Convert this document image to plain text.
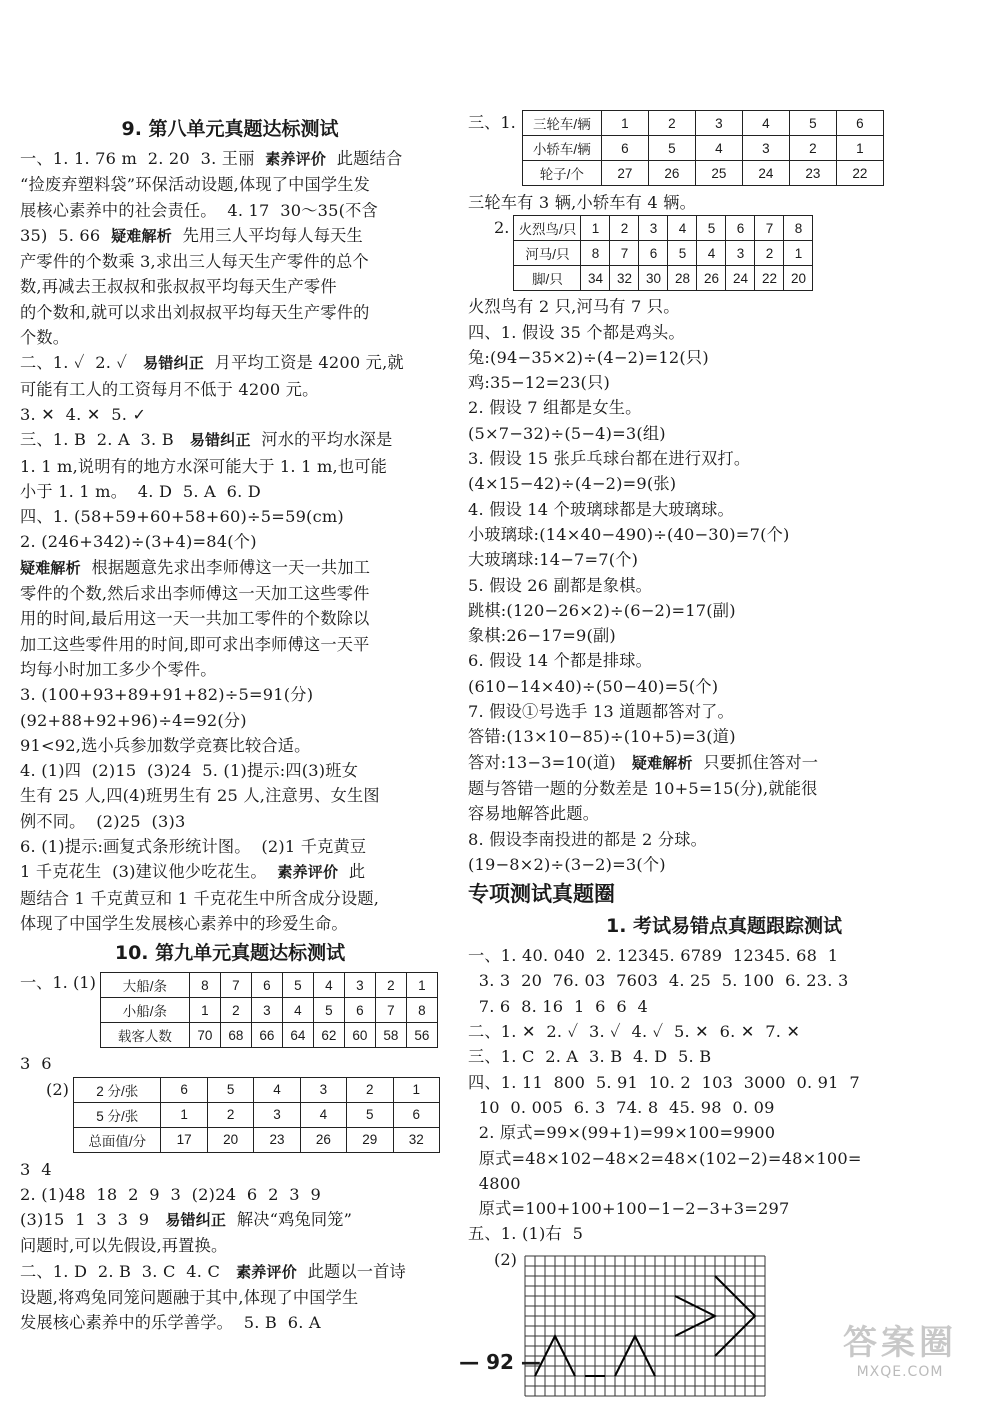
9. 第八单元真题达标测试
一、1. 1. 76 m  2. 20  3. 王丽  素养评价  此题结合
“捡废弃塑料袋”环保活动设题,体现了中国学生发
展核心素养中的社会责任。  4. 17  30～35(不含
35)  5. 66  疑难解析  先用三人平均每人每天生
产零件的个数乘 3,求出三人每天生产零件的总个
数,再减去王叔叔和张叔叔平均每天生产零件
的个数和,就可以求出刘叔叔平均每天生产零件的
个数。
二、1. ✓  2. ✓   易错纠正  月平均工资是 4200 元,就
可能有工人的工资每月不低于 4200 元。
3. ✕  4. ✕  5. ✓
三、1. B  2. A  3. B   易错纠正  河水的平均水深是
1. 1 m,说明有的地方水深可能大于 1. 1 m,也可能
小于 1. 1 m。  4. D  5. A  6. D
四、1. (58+59+60+58+60)÷5=59(cm)
2. (246+342)÷(3+4)=84(个)
疑难解析  根据题意先求出李师傅这一天一共加工
零件的个数,然后求出李师傅这一天加工这些零件
用的时间,最后用这一天一共加工零件的个数除以
加工这些零件用的时间,即可求出李师傅这一天平
均每小时加工多少个零件。
3. (100+93+89+91+82)÷5=91(分)
(92+88+92+96)÷4=92(分)
91<92,选小兵参加数学竞赛比较合适。
4. (1)四  (2)15  (3)24  5. (1)提示:四(3)班女
生有 25 人,四(4)班男生有 25 人,注意男、女生图
例不同。  (2)25  (3)3
6. (1)提示:画复式条形统计图。  (2)1 千克黄豆
1 千克花生  (3)建议他少吃花生。  素养评价  此
题结合 1 千克黄豆和 1 千克花生中所含成分设题,
体现了中国学生发展核心素养中的珍爱生命。
10. 第九单元真题达标测试
一、1. (1) 大船/条	8	7	6	5	4	3	2	1
小船/条	1	2	3	4	5	6	7	8
载客人数	70	68	66	64	62	60	58	56
3  6
(2) 2 分/张	6	5	4	3	2	1
5 分/张	1	2	3	4	5	6
总面值/分	17	20	23	26	29	32
3  4
2. (1)48  18  2  9  3  (2)24  6  2  3  9
(3)15  1  3  3  9   易错纠正  解决“鸡兔同笼”
问题时,可以先假设,再置换。
二、1. D  2. B  3. C  4. C   素养评价  此题以一首诗
设题,将鸡兔同笼问题融于其中,体现了中国学生
发展核心素养中的乐学善学。  5. B  6. A
三、1. 三轮车/辆	1	2	3	4	5	6
小轿车/辆	6	5	4	3	2	1
轮子/个	27	26	25	24	23	22
三轮车有 3 辆,小轿车有 4 辆。
2. 火烈鸟/只	1	2	3	4	5	6	7	8
河马/只	8	7	6	5	4	3	2	1
脚/只	34	32	30	28	26	24	22	20
火烈鸟有 2 只,河马有 7 只。
四、1. 假设 35 个都是鸡头。
兔:(94−35×2)÷(4−2)=12(只)
鸡:35−12=23(只)
2. 假设 7 组都是女生。
(5×7−32)÷(5−4)=3(组)
3. 假设 15 张乒乓球台都在进行双打。
(4×15−42)÷(4−2)=9(张)
4. 假设 14 个玻璃球都是大玻璃球。
小玻璃球:(14×40−490)÷(40−30)=7(个)
大玻璃球:14−7=7(个)
5. 假设 26 副都是象棋。
跳棋:(120−26×2)÷(6−2)=17(副)
象棋:26−17=9(副)
6. 假设 14 个都是排球。
(610−14×40)÷(50−40)=5(个)
7. 假设①号选手 13 道题都答对了。
答错:(13×10−85)÷(10+5)=3(道)
答对:13−3=10(道)   疑难解析  只要抓住答对一
题与答错一题的分数差是 10+5=15(分),就能很
容易地解答此题。
8. 假设李南投进的都是 2 分球。
(19−8×2)÷(3−2)=3(个)
专项测试真题圈
1. 考试易错点真题跟踪测试
一、1. 40. 040  2. 12345. 6789  12345. 68  1
3. 3  20  76. 03  7603  4. 25  5. 100  6. 23. 3
7. 6  8. 16  1  6  6  4
二、1. ✕  2. ✓  3. ✓  4. ✓  5. ✕  6. ✕  7. ✕
三、1. C  2. A  3. B  4. D  5. B
四、1. 11  800  5. 91  10. 2  103  3000  0. 91  7
10  0. 005  6. 3  74. 8  45. 98  0. 09
2. 原式=99×(99+1)=99×100=9900
原式=48×102−48×2=48×(102−2)=48×100=
4800
原式=100+100+100−1−2−3+3=297
五、1. (1)右  5
(2)
— 92 —	答案圈
MXQE.COM
